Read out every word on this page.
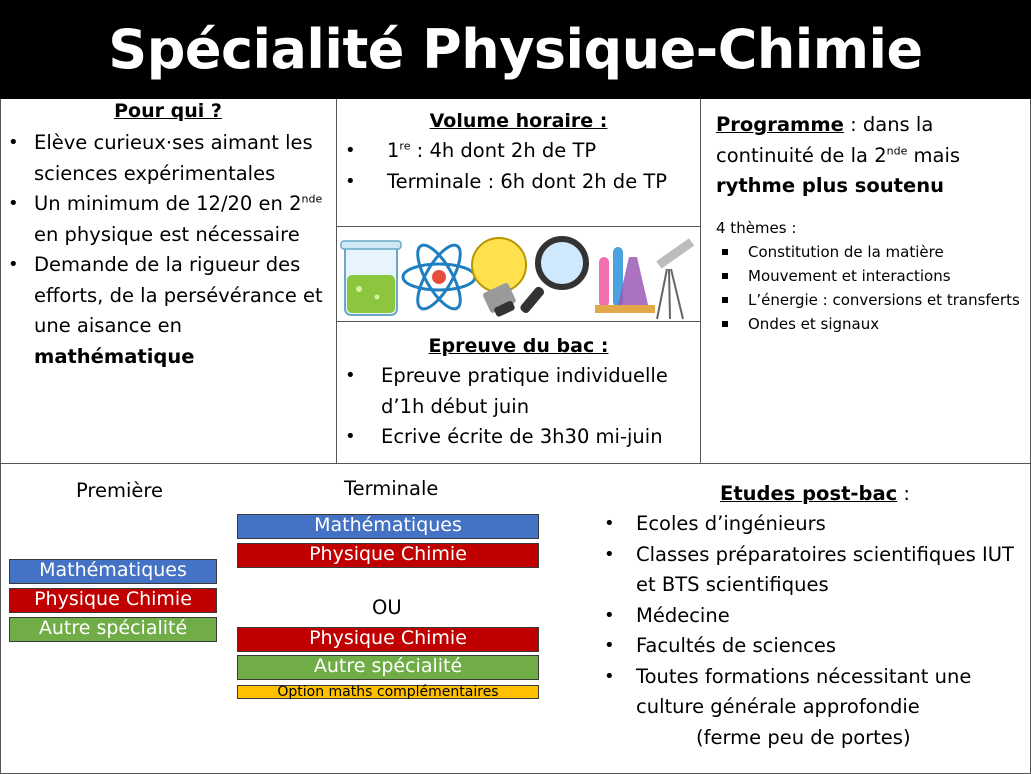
Spécialité Physique-Chimie

Pour qui ?

• Elève curieux·ses aimant les sciences expérimentales
• Un minimum de 12/20 en 2nde en physique est nécessaire
• Demande de la rigueur des efforts, de la persévérance et une aisance en mathématique

Volume horaire :

• 1re : 4h dont 2h de TP
• Terminale : 6h dont 2h de TP

Epreuve du bac :

• Epreuve pratique individuelle d’1h début juin
• Ecrive écrite de 3h30 mi-juin
Programme : dans la continuité de la 2nde mais rythme plus soutenu
4 thèmes :
Constitution de la matière
Mouvement et interactions
L’énergie : conversions et transferts
Ondes et signaux
Première
Mathématiques
Physique Chimie
Autre spécialité
Terminale
Mathématiques
Physique Chimie
OU
Physique Chimie
Autre spécialité
Option maths complémentaires

Etudes post-bac :

• Ecoles d’ingénieurs
• Classes préparatoires scientifiques IUT et BTS scientifiques
• Médecine
• Facultés de sciences
• Toutes formations nécessitant une culture générale approfondie
(ferme peu de portes)
